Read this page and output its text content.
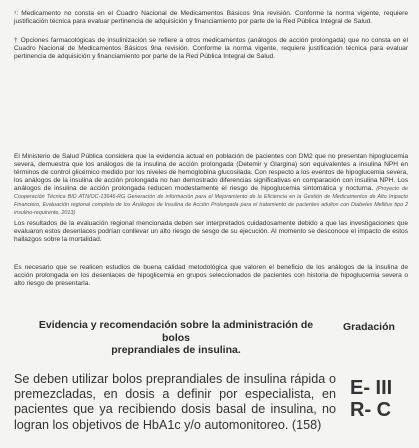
¹: Medicamento no consta en el Cuadro Nacional de Medicamentos Básicos 9na revisión. Conforme la norma vigente, requiere justificación técnica para evaluar pertinencia de adquisición y financiamiento por parte de la Red Pública Integral de Salud.
† Opciones farmacológicas de insulinización se refiere a otros medicamentos (análogos de acción prolongada) que no consta en el Cuadro Nacional de Medicamentos Básicos 9na revisión. Conforme la norma vigente, requiere justificación técnica para evaluar pertinencia de adquisición y financiamiento por parte de la Red Pública Integral de Salud.
El Ministerio de Salud Pública considera que la evidencia actual en población de pacientes con DM2 que no presentan hipoglucemia severa, demuestra que los análogos de la insulina de acción prolongada (Detemir y Glargina) son equivalentes a insulina NPH en términos de control glicémico medido por los niveles de hemoglobina glucosilada. Con respecto a los eventos de hipoglucemia severa, los análogos de la insulina de acción prolongada no han demostrado diferencias significativas en comparación con insulina NPH. Los análogos de insulina de acción prolongada reducen modestamente el riesgo de hipoglucemia sintomática y nocturna. (Proyecto de Cooperación Técnica BID ATN/OC-13646-RG Generación de información para el Mejoramiento de la Eficiencia en la Gestión de Medicamentos de Alto Impacto Financiero, Evaluación regional completa de los Análogos de Insulina de Acción Prolongada para el tratamiento de pacientes adultos con Diabetes Mellitus tipo 2 insulino-requirente, 2013)
Los resultados de la evaluación regional mencionada deben ser interpretados cuidadosamente debido a que las investigaciones que evaluaron estos desenlaces podrían conllevar un alto riesgo de sesgo de su ejecución. Al momento se desconoce el impacto de estos hallazgos sobre la mortalidad.
Es necesario que se realicen estudios de buena calidad metodológica que valoren el beneficio de los análogos de la insulina de acción prolongada en los desenlaces de hipoglicemia en grupos seleccionados de pacientes con historia de hipoglucemia severa o alto riesgo de presentarla.
Evidencia y recomendación sobre la administración de bolos
preprandiales de insulina.
Gradación
Se deben utilizar bolos preprandiales de insulina rápida o premezcladas, en dosis a definir por especialista, en pacientes que ya recibiendo dosis basal de insulina, no logran los objetivos de HbA1c y/o automonitoreo. (158)
E- III
R- C
